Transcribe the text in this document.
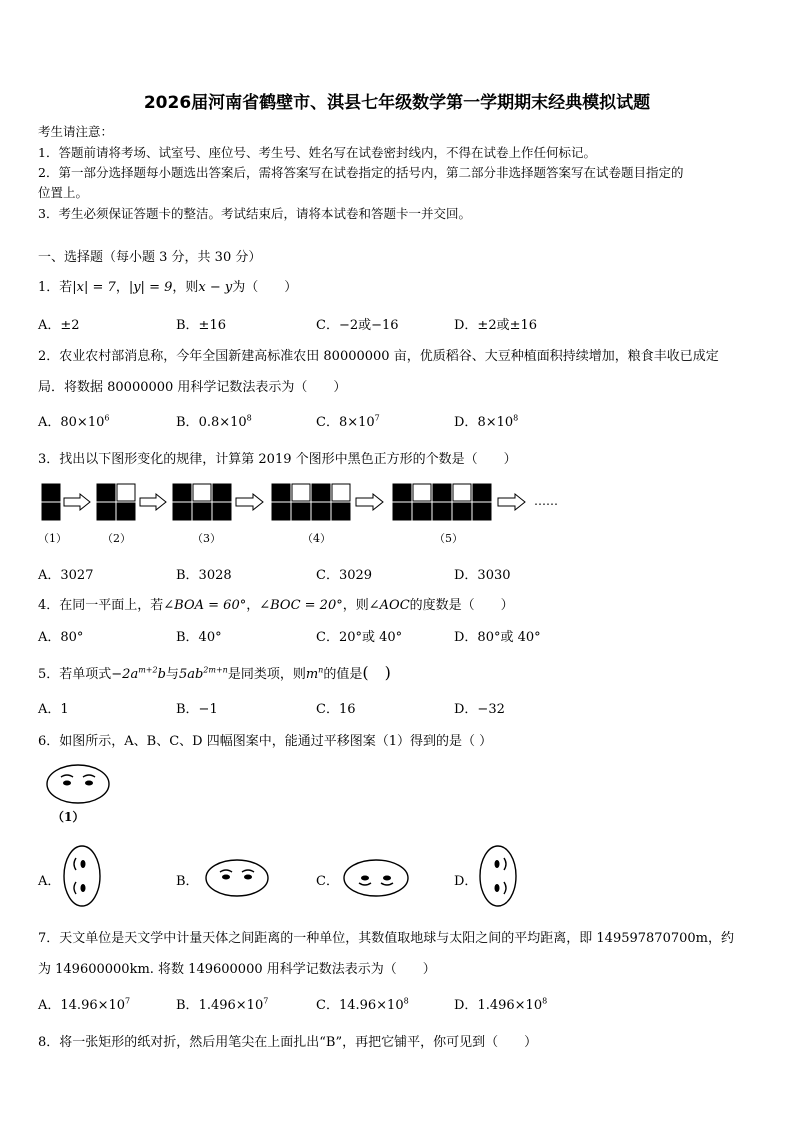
2026届河南省鹤壁市、淇县七年级数学第一学期期末经典模拟试题
考生请注意：
1．答题前请将考场、试室号、座位号、考生号、姓名写在试卷密封线内，不得在试卷上作任何标记。
2．第一部分选择题每小题选出答案后，需将答案写在试卷指定的括号内，第二部分非选择题答案写在试卷题目指定的
位置上。
3．考生必须保证答题卡的整洁。考试结束后，请将本试卷和答题卡一并交回。
一、选择题（每小题 3 分，共 30 分）
1．若|x| = 7，|y| = 9，则x − y为（　　）
A．±2	B．±16	C．−2或−16	D．±2或±16
2．农业农村部消息称，今年全国新建高标准农田 80000000 亩，优质稻谷、大豆种植面积持续增加，粮食丰收已成定
局．将数据 80000000 用科学记数法表示为（　　）
A．$80\times 10^6$	B．$0.8\times 10^8$	C．$8\times 10^7$	D．$8\times 10^8$
3．找出以下图形变化的规律，计算第 2019 个图形中黑色正方形的个数是（　　）
……
（1）	（2）	（3）	（4）	（5）
A．3027	B．3028	C．3029	D．3030
4．在同一平面上，若∠BOA = 60°，∠BOC = 20°，则∠AOC的度数是（　　）
A．80°	B．40°	C．20°或 40°	D．80°或 40°
5．若单项式$-2a^{m+2}b$与$5ab^{2m+n}$是同类项，则$m^n$的值是(　)
A．1	B．−1	C．16	D．−32
6．如图所示，A、B、C、D 四幅图案中，能通过平移图案（1）得到的是（ ）
（1）
A．	B．	C．	D．
7．天文单位是天文学中计量天体之间距离的一种单位，其数值取地球与太阳之间的平均距离，即 149597870700m，约
为 149600000km. 将数 149600000 用科学记数法表示为（　　）
A．$14.96\times 10^7$	B．$1.496\times 10^7$	C．$14.96\times 10^8$	D．$1.496\times 10^8$
8．将一张矩形的纸对折，然后用笔尖在上面扎出“B”，再把它铺平，你可见到（　　）
